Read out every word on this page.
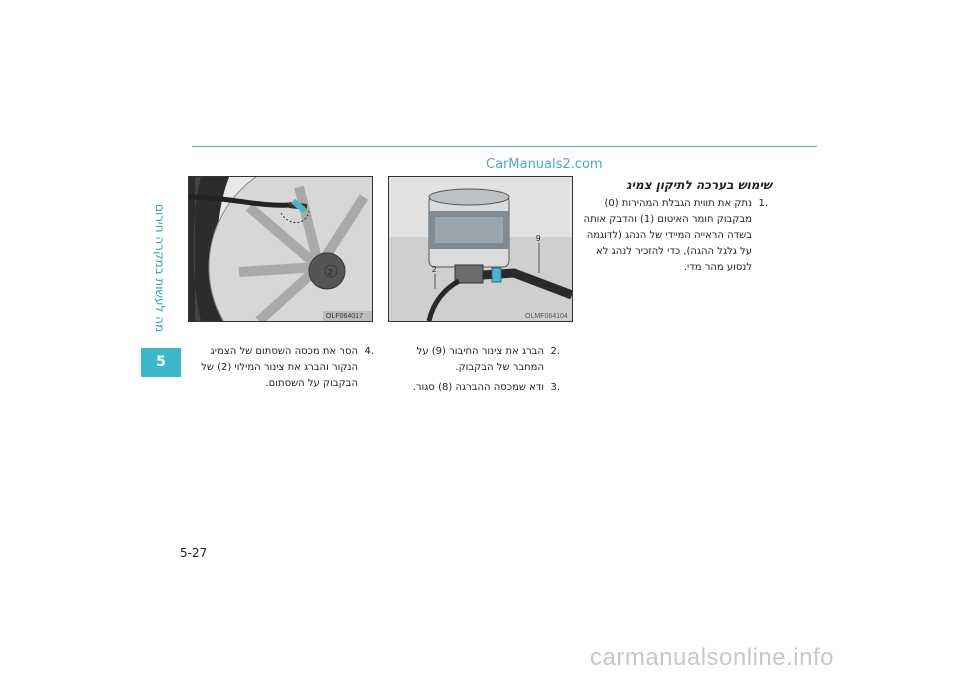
מה לעשות במקרה חירום
5
CarManuals2.com
שימוש בערכה לתיקון צמיג
.1
נתק את תווית הגבלת המהירות (0) מבקבוק חומר האיטום (1) והדבק אותה בשדה הראייה המיידי של הנהג (לדוגמה על גלגל ההגה), כדי להזכיר לנהג לא לנסוע מהר מדי.
9
2
OLMF064104
2
OLF064017
.2
הברג את צינור החיבור (9) על המחבר של הבקבוק.
.3
ודא שמכסה ההברגה (8) סגור.
.4
הסר את מכסה השסתום של הצמיג הנקור והברג את צינור המילוי (2) של הבקבוק על השסתום.
5-27
carmanualsonline.info
